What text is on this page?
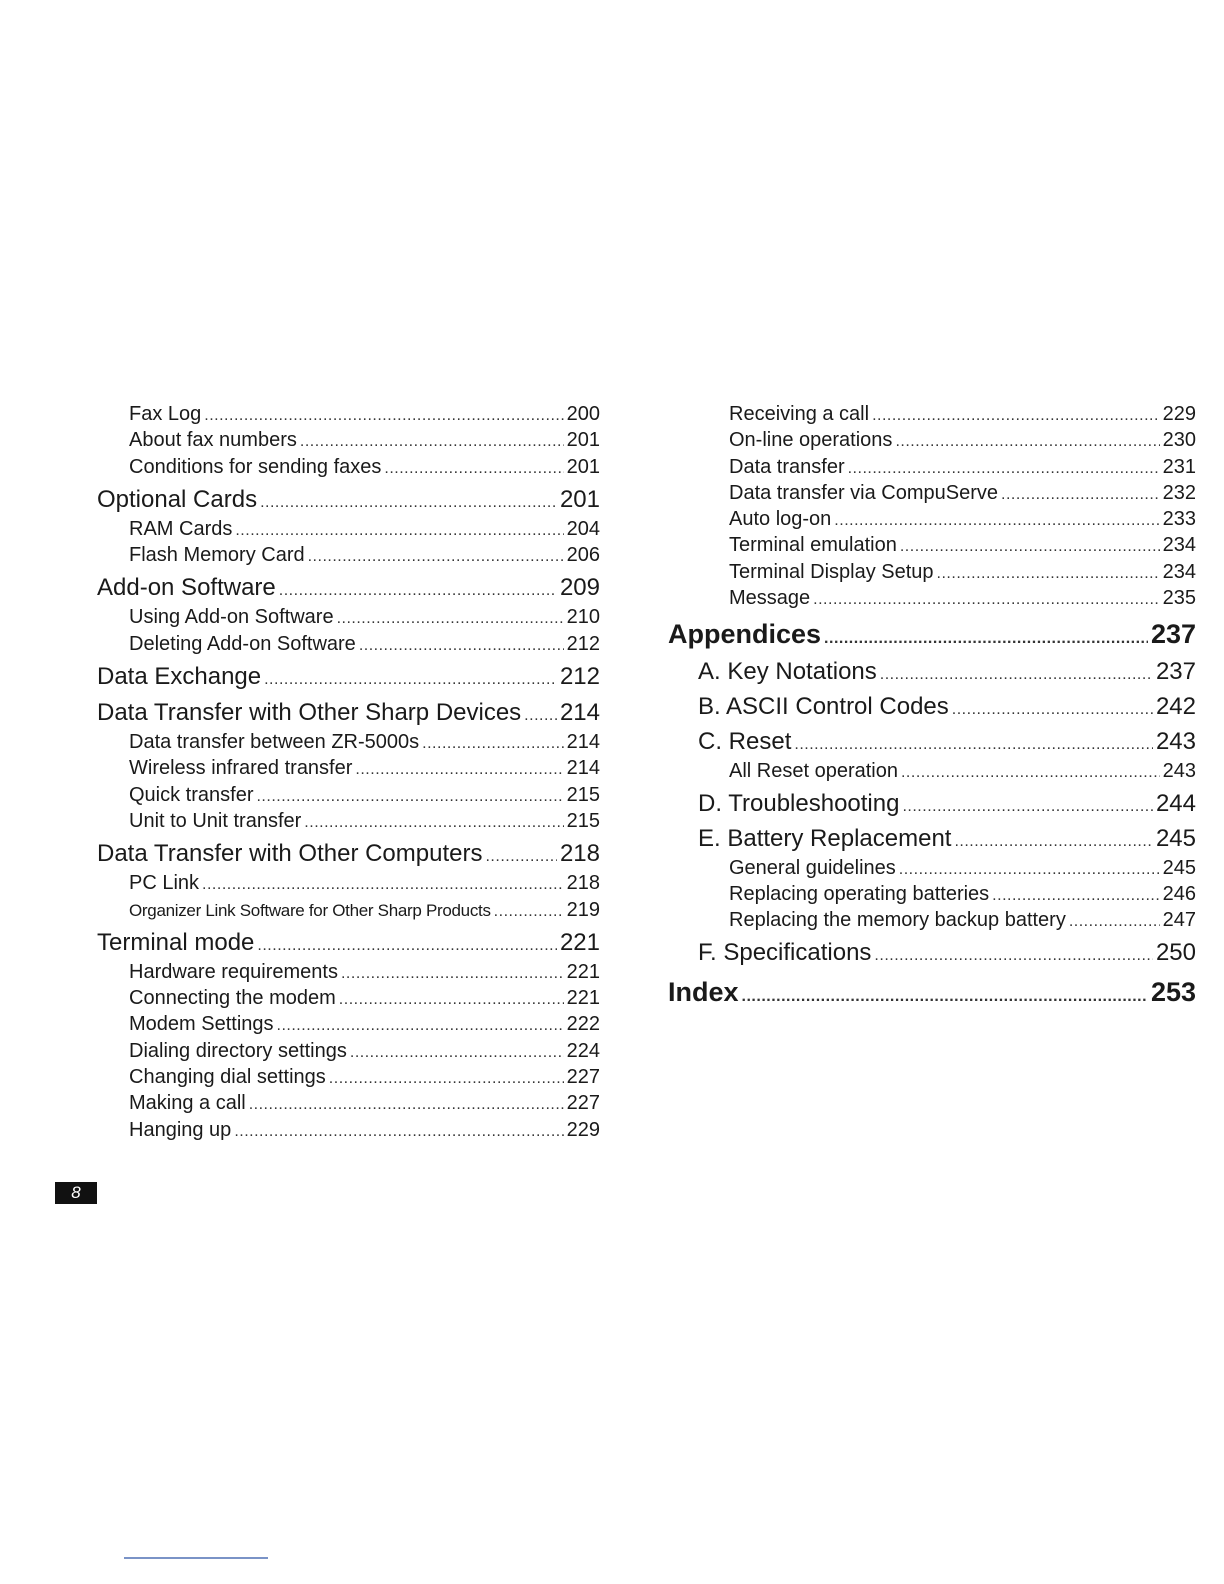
Fax Log .....	200
About fax numbers .....	201
Conditions for sending faxes .....	201
Optional Cards .....	201
RAM Cards .....	204
Flash Memory Card .....	206
Add-on Software .....	209
Using Add-on Software .....	210
Deleting Add-on Software .....	212
Data Exchange .....	212
Data Transfer with Other Sharp Devices ..... 214
Data transfer between ZR-5000s .....	214
Wireless infrared transfer .....	214
Quick transfer .....	215
Unit to Unit transfer .....	215
Data Transfer with Other Computers .....	218
PC Link .....	218
Organizer Link Software for Other Sharp Products .....	219
Terminal mode .....	221
Hardware requirements .....	221
Connecting the modem .....	221
Modem Settings .....	222
Dialing directory settings .....	224
Changing dial settings .....	227
Making a call .....	227
Hanging up .....	229
Receiving a call .....	229
On-line operations .....	230
Data transfer .....	231
Data transfer via CompuServe .....	232
Auto log-on .....	233
Terminal emulation .....	234
Terminal Display Setup .....	234
Message .....	235
Appendices .....	237
A. Key Notations .....	237
B. ASCII Control Codes .....	242
C. Reset .....	243
All Reset operation .....	243
D. Troubleshooting .....	244
E. Battery Replacement .....	245
General guidelines .....	245
Replacing operating batteries .....	246
Replacing the memory backup battery .....	247
F. Specifications .....	250
Index .....	253
8
